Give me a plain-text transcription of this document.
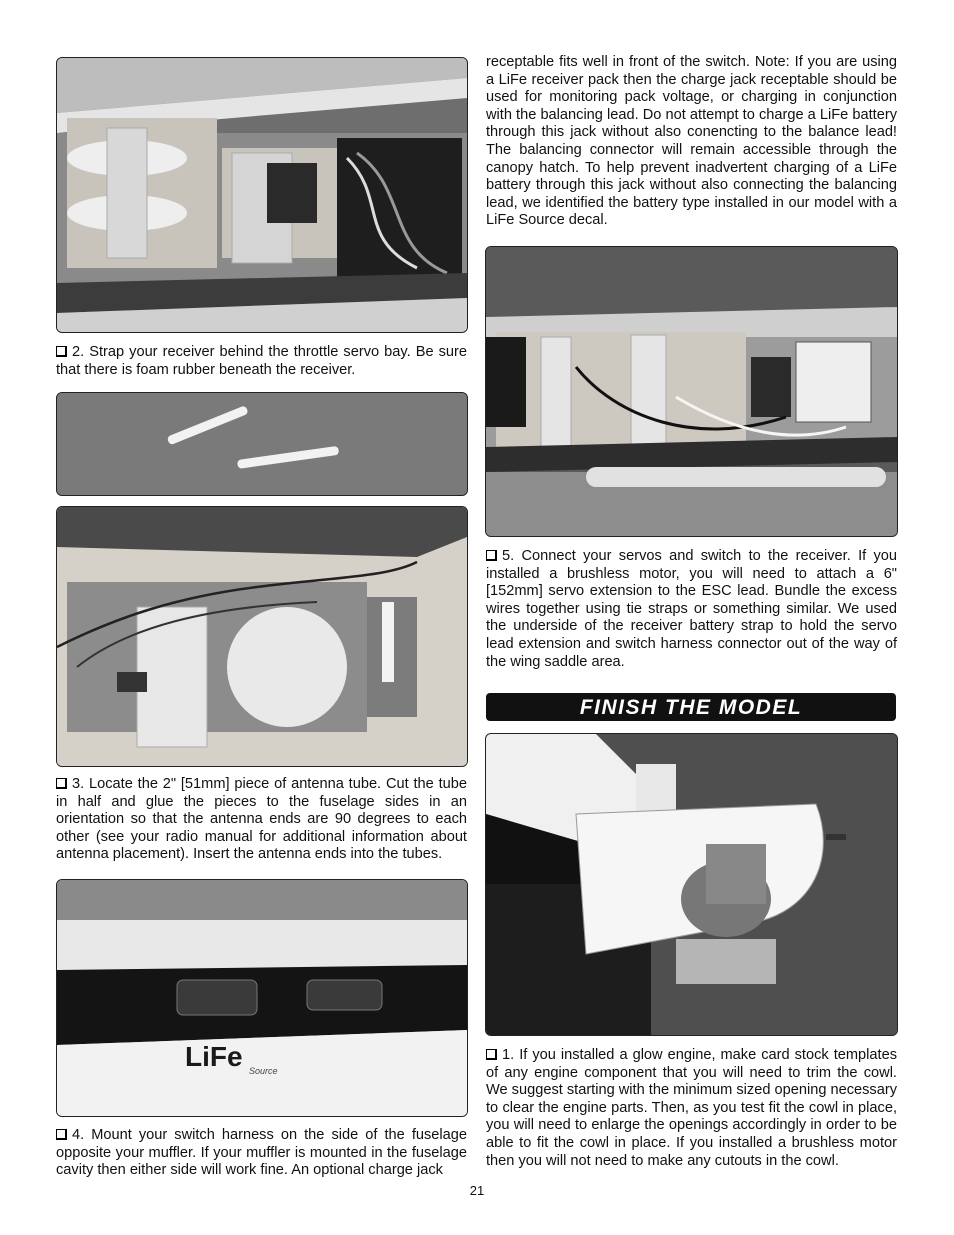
2. Strap your receiver behind the throttle servo bay. Be sure that there is foam rubber beneath the receiver.

3. Locate the 2" [51mm] piece of antenna tube. Cut the tube in half and glue the pieces to the fuselage sides in an orientation so that the antenna ends are 90 degrees to each other (see your radio manual for additional information about antenna placement). Insert the antenna ends into the tubes.

LiFe Source

4. Mount your switch harness on the side of the fuselage opposite your muffler. If your muffler is mounted in the fuselage cavity then either side will work fine. An optional charge jack

receptable fits well in front of the switch. Note: If you are using a LiFe receiver pack then the charge jack receptable should be used for monitoring pack voltage, or charging in conjunction with the balancing lead. Do not attempt to charge a LiFe battery through this jack without also conencting to the balance lead! The balancing connector will remain accessible through the canopy hatch. To help prevent inadvertent charging of a LiFe battery through this jack without also connecting the balancing lead, we identified the battery type installed in our model with a LiFe Source decal.

5. Connect your servos and switch to the receiver. If you installed a brushless motor, you will need to attach a 6" [152mm] servo extension to the ESC lead. Bundle the excess wires together using tie straps or something similar. We used the underside of the receiver battery strap to hold the servo lead extension and switch harness connector out of the way of the wing saddle area.

FINISH THE MODEL

1. If you installed a glow engine, make card stock templates of any engine component that you will need to trim the cowl. We suggest starting with the minimum sized opening necessary to clear the engine parts. Then, as you test fit the cowl in place, you will need to enlarge the openings accordingly in order to be able to fit the cowl in place. If you installed a brushless motor then you will not need to make any cutouts in the cowl.

21
